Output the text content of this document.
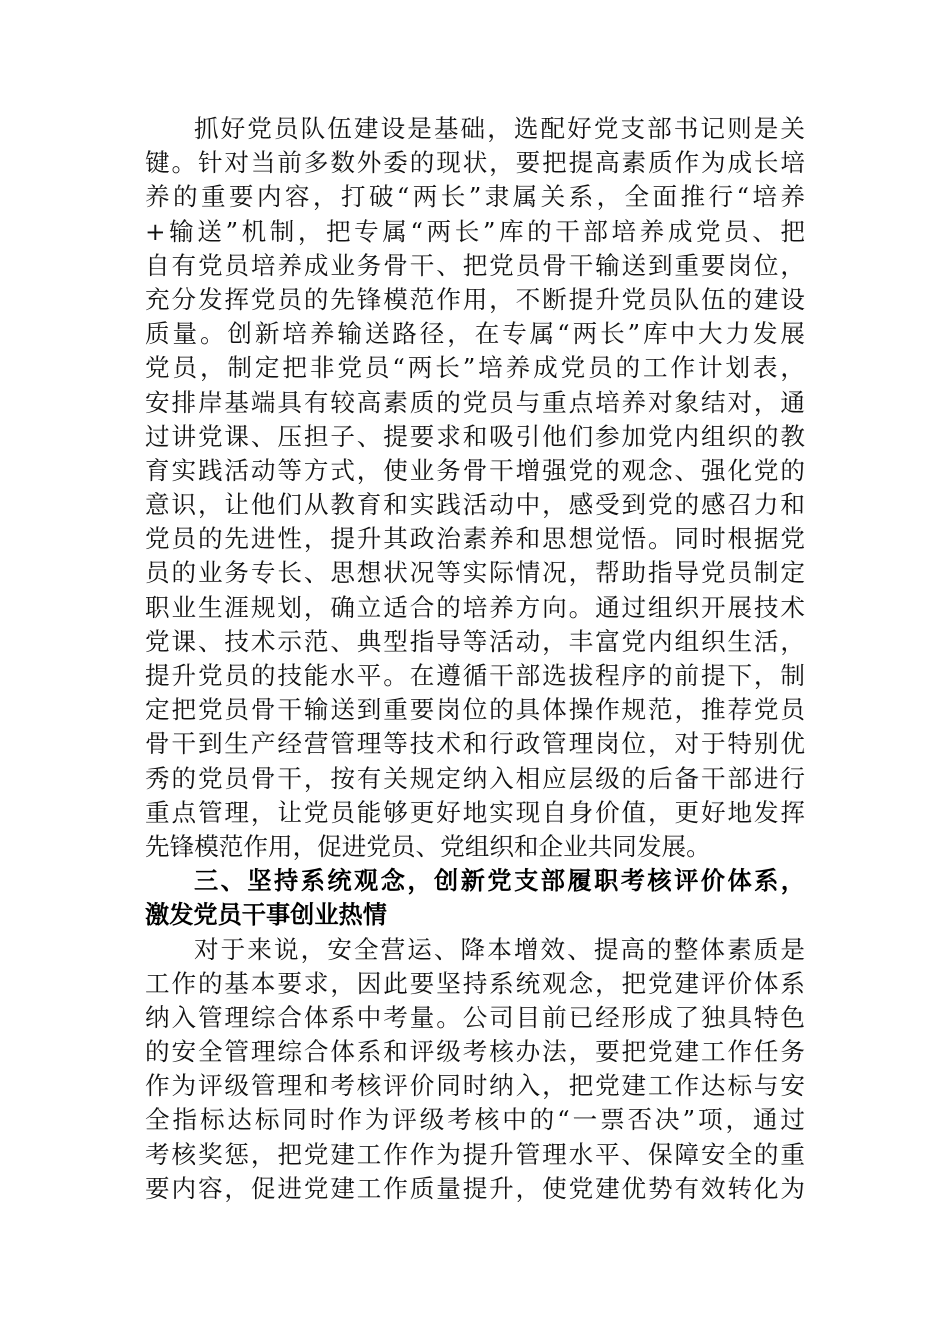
抓好党员队伍建设是基础，选配好党支部书记则是关
键。针对当前多数外委的现状，要把提高素质作为成长培
养的重要内容，打破“两长”隶属关系，全面推行“培养
+输送”机制，把专属“两长”库的干部培养成党员、把
自有党员培养成业务骨干、把党员骨干输送到重要岗位，
充分发挥党员的先锋模范作用，不断提升党员队伍的建设
质量。创新培养输送路径，在专属“两长”库中大力发展
党员，制定把非党员“两长”培养成党员的工作计划表，
安排岸基端具有较高素质的党员与重点培养对象结对，通
过讲党课、压担子、提要求和吸引他们参加党内组织的教
育实践活动等方式，使业务骨干增强党的观念、强化党的
意识，让他们从教育和实践活动中，感受到党的感召力和
党员的先进性，提升其政治素养和思想觉悟。同时根据党
员的业务专长、思想状况等实际情况，帮助指导党员制定
职业生涯规划，确立适合的培养方向。通过组织开展技术
党课、技术示范、典型指导等活动，丰富党内组织生活，
提升党员的技能水平。在遵循干部选拔程序的前提下，制
定把党员骨干输送到重要岗位的具体操作规范，推荐党员
骨干到生产经营管理等技术和行政管理岗位，对于特别优
秀的党员骨干，按有关规定纳入相应层级的后备干部进行
重点管理，让党员能够更好地实现自身价值，更好地发挥
先锋模范作用，促进党员、党组织和企业共同发展。
三、坚持系统观念，创新党支部履职考核评价体系，
激发党员干事创业热情
对于来说，安全营运、降本增效、提高的整体素质是
工作的基本要求，因此要坚持系统观念，把党建评价体系
纳入管理综合体系中考量。公司目前已经形成了独具特色
的安全管理综合体系和评级考核办法，要把党建工作任务
作为评级管理和考核评价同时纳入，把党建工作达标与安
全指标达标同时作为评级考核中的“一票否决”项，通过
考核奖惩，把党建工作作为提升管理水平、保障安全的重
要内容，促进党建工作质量提升，使党建优势有效转化为
